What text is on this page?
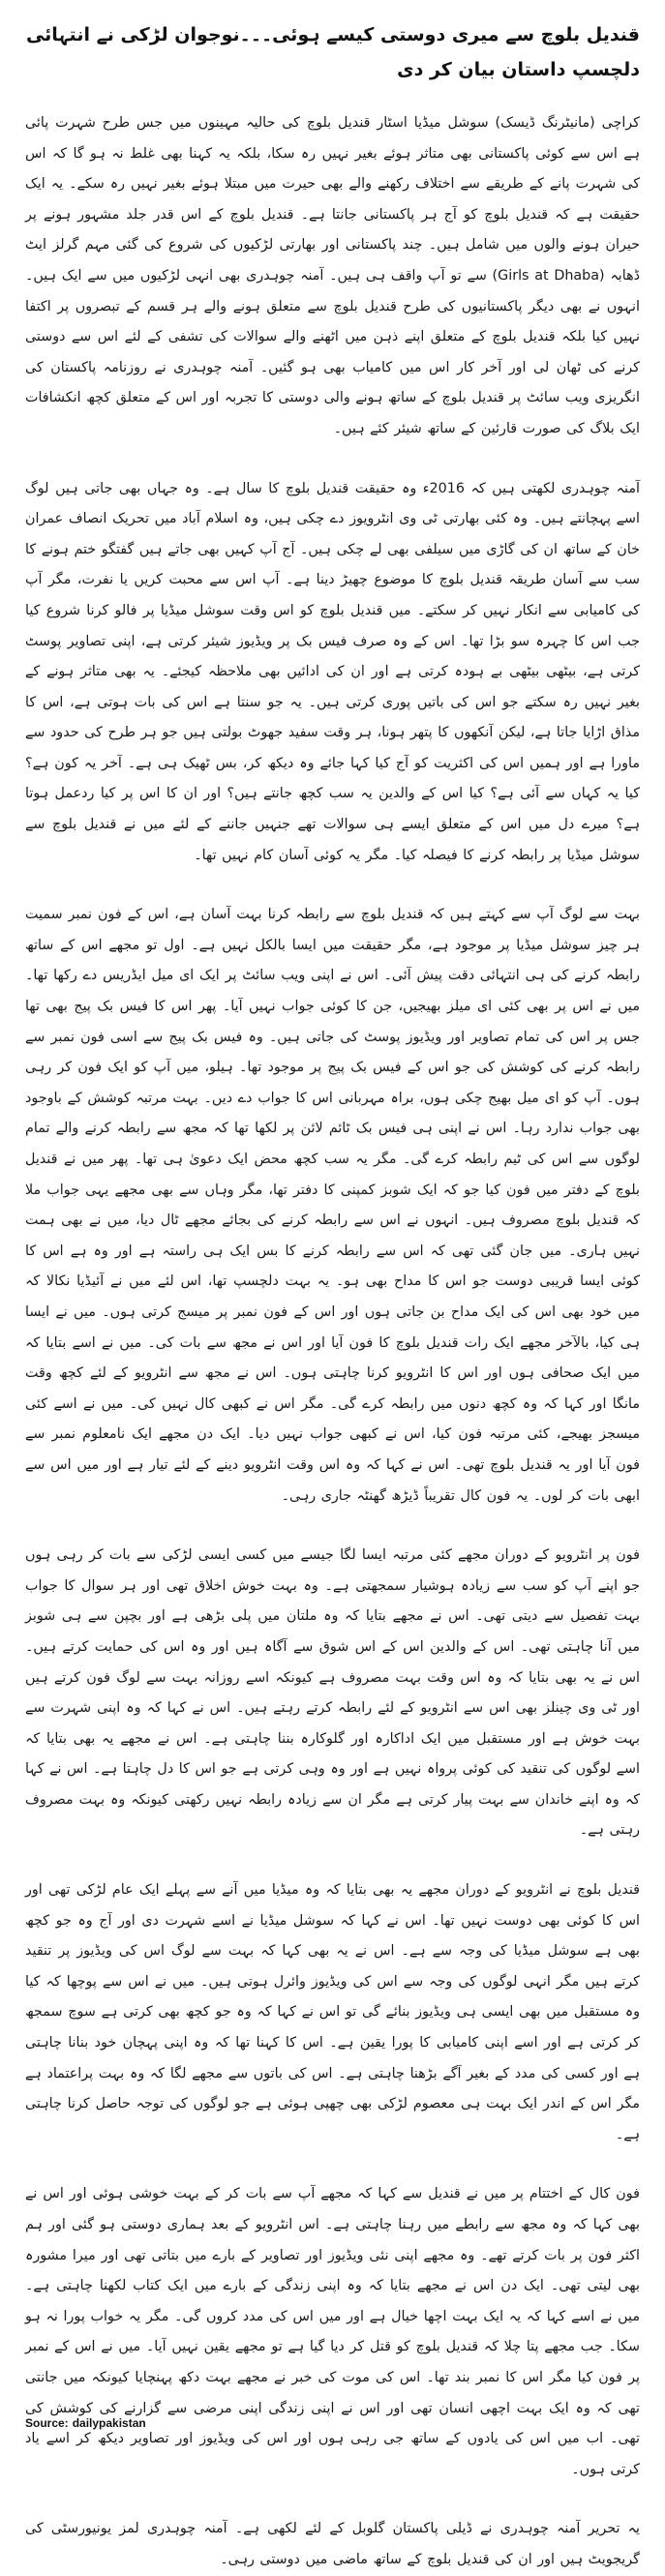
قندیل بلوچ سے میری دوستی کیسے ہوئی۔۔۔نوجوان لڑکی نے انتہائی دلچسپ داستان بیان کر دی

کراچی (مانیٹرنگ ڈیسک) سوشل میڈیا اسٹار قندیل بلوچ کی حالیہ مہینوں میں جس طرح شہرت پائی ہے اس سے کوئی پاکستانی بھی متاثر ہوئے بغیر نہیں رہ سکا، بلکہ یہ کہنا بھی غلط نہ ہو گا کہ اس کی شہرت پانے کے طریقے سے اختلاف رکھنے والے بھی حیرت میں مبتلا ہوئے بغیر نہیں رہ سکے۔ یہ ایک حقیقت ہے کہ قندیل بلوچ کو آج ہر پاکستانی جانتا ہے۔ قندیل بلوچ کے اس قدر جلد مشہور ہونے پر حیران ہونے والوں میں شامل ہیں۔ چند پاکستانی اور بھارتی لڑکیوں کی شروع کی گئی مہم گرلز ایٹ ڈھابہ (Girls at Dhaba) سے تو آپ واقف ہی ہیں۔ آمنہ چوہدری بھی انہی لڑکیوں میں سے ایک ہیں۔ انہوں نے بھی دیگر پاکستانیوں کی طرح قندیل بلوچ سے متعلق ہونے والے ہر قسم کے تبصروں پر اکتفا نہیں کیا بلکہ قندیل بلوچ کے متعلق اپنے ذہن میں اٹھنے والے سوالات کی تشفی کے لئے اس سے دوستی کرنے کی ٹھان لی اور آخر کار اس میں کامیاب بھی ہو گئیں۔ آمنہ چوہدری نے روزنامہ پاکستان کی انگریزی ویب سائٹ پر قندیل بلوچ کے ساتھ ہونے والی دوستی کا تجربہ اور اس کے متعلق کچھ انکشافات ایک بلاگ کی صورت قارئین کے ساتھ شیئر کئے ہیں۔

آمنہ چوہدری لکھتی ہیں کہ 2016ء وہ حقیقت قندیل بلوچ کا سال ہے۔ وہ جہاں بھی جاتی ہیں لوگ اسے پہچانتے ہیں۔ وہ کئی بھارتی ٹی وی انٹرویوز دے چکی ہیں، وہ اسلام آباد میں تحریک انصاف عمران خان کے ساتھ ان کی گاڑی میں سیلفی بھی لے چکی ہیں۔ آج آپ کہیں بھی جاتے ہیں گفتگو ختم ہونے کا سب سے آسان طریقہ قندیل بلوچ کا موضوع چھیڑ دینا ہے۔ آپ اس سے محبت کریں یا نفرت، مگر آپ کی کامیابی سے انکار نہیں کر سکتے۔ میں قندیل بلوچ کو اس وقت سوشل میڈیا پر فالو کرنا شروع کیا جب اس کا چہرہ سو بڑا تھا۔ اس کے وہ صرف فیس بک پر ویڈیوز شیئر کرتی ہے، اپنی تصاویر پوسٹ کرتی ہے، بیٹھی بیٹھی بے ہودہ کرتی ہے اور ان کی ادائیں بھی ملاحظہ کیجئے۔ یہ بھی متاثر ہونے کے بغیر نہیں رہ سکتے جو اس کی باتیں پوری کرتی ہیں۔ یہ جو سنتا ہے اس کی بات ہوتی ہے، اس کا مذاق اڑایا جاتا ہے، لیکن آنکھوں کا پتھر ہونا، ہر وقت سفید جھوٹ بولتی ہیں جو ہر طرح کی حدود سے ماورا ہے اور ہمیں اس کی اکثریت کو آج کیا کہا جائے وہ دیکھ کر، بس ٹھیک ہی ہے۔ آخر یہ کون ہے؟ کیا یہ کہاں سے آئی ہے؟ کیا اس کے والدین یہ سب کچھ جانتے ہیں؟ اور ان کا اس پر کیا ردعمل ہوتا ہے؟ میرے دل میں اس کے متعلق ایسے ہی سوالات تھے جنہیں جاننے کے لئے میں نے قندیل بلوچ سے سوشل میڈیا پر رابطہ کرنے کا فیصلہ کیا۔ مگر یہ کوئی آسان کام نہیں تھا۔

بہت سے لوگ آپ سے کہتے ہیں کہ قندیل بلوچ سے رابطہ کرنا بہت آسان ہے، اس کے فون نمبر سمیت ہر چیز سوشل میڈیا پر موجود ہے، مگر حقیقت میں ایسا بالکل نہیں ہے۔ اول تو مجھے اس کے ساتھ رابطہ کرنے کی ہی انتہائی دقت پیش آئی۔ اس نے اپنی ویب سائٹ پر ایک ای میل ایڈریس دے رکھا تھا۔ میں نے اس پر بھی کئی ای میلز بھیجیں، جن کا کوئی جواب نہیں آیا۔ پھر اس کا فیس بک پیج بھی تھا جس پر اس کی تمام تصاویر اور ویڈیوز پوسٹ کی جاتی ہیں۔ وہ فیس بک پیج سے اسی فون نمبر سے رابطہ کرنے کی کوشش کی جو اس کے فیس بک پیج پر موجود تھا۔ ہیلو، میں آپ کو ایک فون کر رہی ہوں۔ آپ کو ای میل بھیج چکی ہوں، براہ مہربانی اس کا جواب دے دیں۔ بہت مرتبہ کوشش کے باوجود بھی جواب ندارد رہا۔ اس نے اپنی ہی فیس بک ٹائم لائن پر لکھا تھا کہ مجھ سے رابطہ کرنے والے تمام لوگوں سے اس کی ٹیم رابطہ کرے گی۔ مگر یہ سب کچھ محض ایک دعویٰ ہی تھا۔ پھر میں نے قندیل بلوچ کے دفتر میں فون کیا جو کہ ایک شوبز کمپنی کا دفتر تھا، مگر وہاں سے بھی مجھے یہی جواب ملا کہ قندیل بلوچ مصروف ہیں۔ انہوں نے اس سے رابطہ کرنے کی بجائے مجھے ٹال دیا، میں نے بھی ہمت نہیں ہاری۔ میں جان گئی تھی کہ اس سے رابطہ کرنے کا بس ایک ہی راستہ ہے اور وہ ہے اس کا کوئی ایسا قریبی دوست جو اس کا مداح بھی ہو۔ یہ بہت دلچسپ تھا، اس لئے میں نے آئیڈیا نکالا کہ میں خود بھی اس کی ایک مداح بن جاتی ہوں اور اس کے فون نمبر پر میسج کرتی ہوں۔ میں نے ایسا ہی کیا، بالآخر مجھے ایک رات قندیل بلوچ کا فون آیا اور اس نے مجھ سے بات کی۔ میں نے اسے بتایا کہ میں ایک صحافی ہوں اور اس کا انٹرویو کرنا چاہتی ہوں۔ اس نے مجھ سے انٹرویو کے لئے کچھ وقت مانگا اور کہا کہ وہ کچھ دنوں میں رابطہ کرے گی۔ مگر اس نے کبھی کال نہیں کی۔ میں نے اسے کئی میسجز بھیجے، کئی مرتبہ فون کیا، اس نے کبھی جواب نہیں دیا۔ ایک دن مجھے ایک نامعلوم نمبر سے فون آیا اور یہ قندیل بلوچ تھی۔ اس نے کہا کہ وہ اس وقت انٹرویو دینے کے لئے تیار ہے اور میں اس سے ابھی بات کر لوں۔ یہ فون کال تقریباً ڈیڑھ گھنٹہ جاری رہی۔

فون پر انٹرویو کے دوران مجھے کئی مرتبہ ایسا لگا جیسے میں کسی ایسی لڑکی سے بات کر رہی ہوں جو اپنے آپ کو سب سے زیادہ ہوشیار سمجھتی ہے۔ وہ بہت خوش اخلاق تھی اور ہر سوال کا جواب بہت تفصیل سے دیتی تھی۔ اس نے مجھے بتایا کہ وہ ملتان میں پلی بڑھی ہے اور بچپن سے ہی شوبز میں آنا چاہتی تھی۔ اس کے والدین اس کے اس شوق سے آگاہ ہیں اور وہ اس کی حمایت کرتے ہیں۔ اس نے یہ بھی بتایا کہ وہ اس وقت بہت مصروف ہے کیونکہ اسے روزانہ بہت سے لوگ فون کرتے ہیں اور ٹی وی چینلز بھی اس سے انٹرویو کے لئے رابطہ کرتے رہتے ہیں۔ اس نے کہا کہ وہ اپنی شہرت سے بہت خوش ہے اور مستقبل میں ایک اداکارہ اور گلوکارہ بننا چاہتی ہے۔ اس نے مجھے یہ بھی بتایا کہ اسے لوگوں کی تنقید کی کوئی پرواہ نہیں ہے اور وہ وہی کرتی ہے جو اس کا دل چاہتا ہے۔ اس نے کہا کہ وہ اپنے خاندان سے بہت پیار کرتی ہے مگر ان سے زیادہ رابطہ نہیں رکھتی کیونکہ وہ بہت مصروف رہتی ہے۔

قندیل بلوچ نے انٹرویو کے دوران مجھے یہ بھی بتایا کہ وہ میڈیا میں آنے سے پہلے ایک عام لڑکی تھی اور اس کا کوئی بھی دوست نہیں تھا۔ اس نے کہا کہ سوشل میڈیا نے اسے شہرت دی اور آج وہ جو کچھ بھی ہے سوشل میڈیا کی وجہ سے ہے۔ اس نے یہ بھی کہا کہ بہت سے لوگ اس کی ویڈیوز پر تنقید کرتے ہیں مگر انہی لوگوں کی وجہ سے اس کی ویڈیوز وائرل ہوتی ہیں۔ میں نے اس سے پوچھا کہ کیا وہ مستقبل میں بھی ایسی ہی ویڈیوز بنائے گی تو اس نے کہا کہ وہ جو کچھ بھی کرتی ہے سوچ سمجھ کر کرتی ہے اور اسے اپنی کامیابی کا پورا یقین ہے۔ اس کا کہنا تھا کہ وہ اپنی پہچان خود بنانا چاہتی ہے اور کسی کی مدد کے بغیر آگے بڑھنا چاہتی ہے۔ اس کی باتوں سے مجھے لگا کہ وہ بہت پراعتماد ہے مگر اس کے اندر ایک بہت ہی معصوم لڑکی بھی چھپی ہوئی ہے جو لوگوں کی توجہ حاصل کرنا چاہتی ہے۔

فون کال کے اختتام پر میں نے قندیل سے کہا کہ مجھے آپ سے بات کر کے بہت خوشی ہوئی اور اس نے بھی کہا کہ وہ مجھ سے رابطے میں رہنا چاہتی ہے۔ اس انٹرویو کے بعد ہماری دوستی ہو گئی اور ہم اکثر فون پر بات کرتے تھے۔ وہ مجھے اپنی نئی ویڈیوز اور تصاویر کے بارے میں بتاتی تھی اور میرا مشورہ بھی لیتی تھی۔ ایک دن اس نے مجھے بتایا کہ وہ اپنی زندگی کے بارے میں ایک کتاب لکھنا چاہتی ہے۔ میں نے اسے کہا کہ یہ ایک بہت اچھا خیال ہے اور میں اس کی مدد کروں گی۔ مگر یہ خواب پورا نہ ہو سکا۔ جب مجھے پتا چلا کہ قندیل بلوچ کو قتل کر دیا گیا ہے تو مجھے یقین نہیں آیا۔ میں نے اس کے نمبر پر فون کیا مگر اس کا نمبر بند تھا۔ اس کی موت کی خبر نے مجھے بہت دکھ پہنچایا کیونکہ میں جانتی تھی کہ وہ ایک بہت اچھی انسان تھی اور اس نے اپنی زندگی اپنی مرضی سے گزارنے کی کوشش کی تھی۔ اب میں اس کی یادوں کے ساتھ جی رہی ہوں اور اس کی ویڈیوز اور تصاویر دیکھ کر اسے یاد کرتی ہوں۔

یہ تحریر آمنہ چوہدری نے ڈیلی پاکستان گلوبل کے لئے لکھی ہے۔ آمنہ چوہدری لمز یونیورسٹی کی گریجویٹ ہیں اور ان کی قندیل بلوچ کے ساتھ ماضی میں دوستی رہی۔

Source: dailypakistan
